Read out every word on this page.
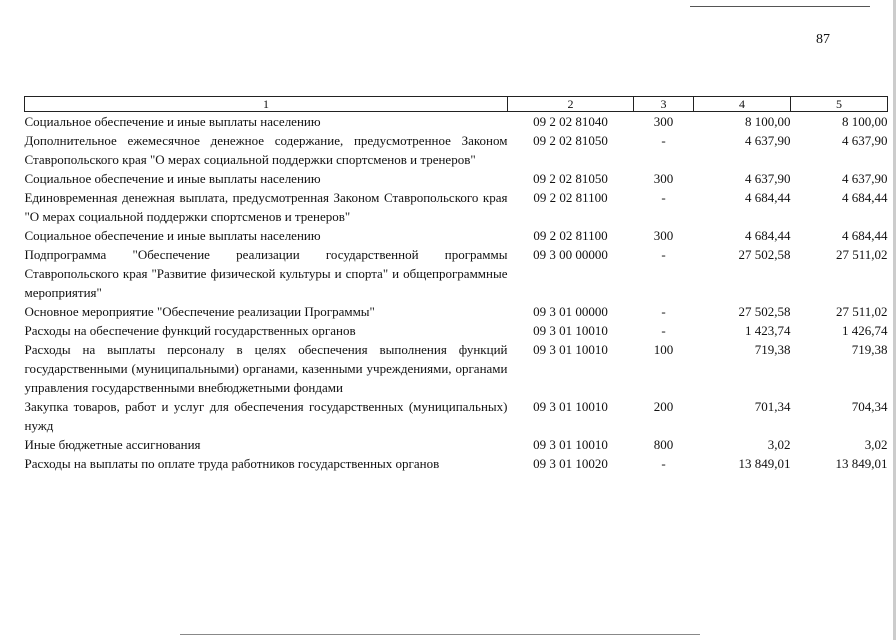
87
1	2	3	4	5
Социальное обеспечение и иные выплаты населению	09 2 02 81040	300	8 100,00	8 100,00
Дополнительное ежемесячное денежное содержание, предусмотренное Законом Ставропольского края "О мерах социальной поддержки спортсменов и тренеров"	09 2 02 81050	-	4 637,90	4 637,90
Социальное обеспечение и иные выплаты населению	09 2 02 81050	300	4 637,90	4 637,90
Единовременная денежная выплата, предусмотренная Законом Ставропольского края "О мерах социальной поддержки спортсменов и тренеров"	09 2 02 81100	-	4 684,44	4 684,44
Социальное обеспечение и иные выплаты населению	09 2 02 81100	300	4 684,44	4 684,44
Подпрограмма "Обеспечение реализации государственной программы Ставропольского края "Развитие физической культуры и спорта" и общепрограммные мероприятия"	09 3 00 00000	-	27 502,58	27 511,02
Основное мероприятие "Обеспечение реализации Программы"	09 3 01 00000	-	27 502,58	27 511,02
Расходы на обеспечение функций государственных органов	09 3 01 10010	-	1 423,74	1 426,74
Расходы на выплаты персоналу в целях обеспечения выполнения функций государственными (муниципальными) органами, казенными учреждениями, органами управления государственными внебюджетными фондами	09 3 01 10010	100	719,38	719,38
Закупка товаров, работ и услуг для обеспечения государственных (муниципальных) нужд	09 3 01 10010	200	701,34	704,34
Иные бюджетные ассигнования	09 3 01 10010	800	3,02	3,02
Расходы на выплаты по оплате труда работников государственных органов	09 3 01 10020	-	13 849,01	13 849,01
